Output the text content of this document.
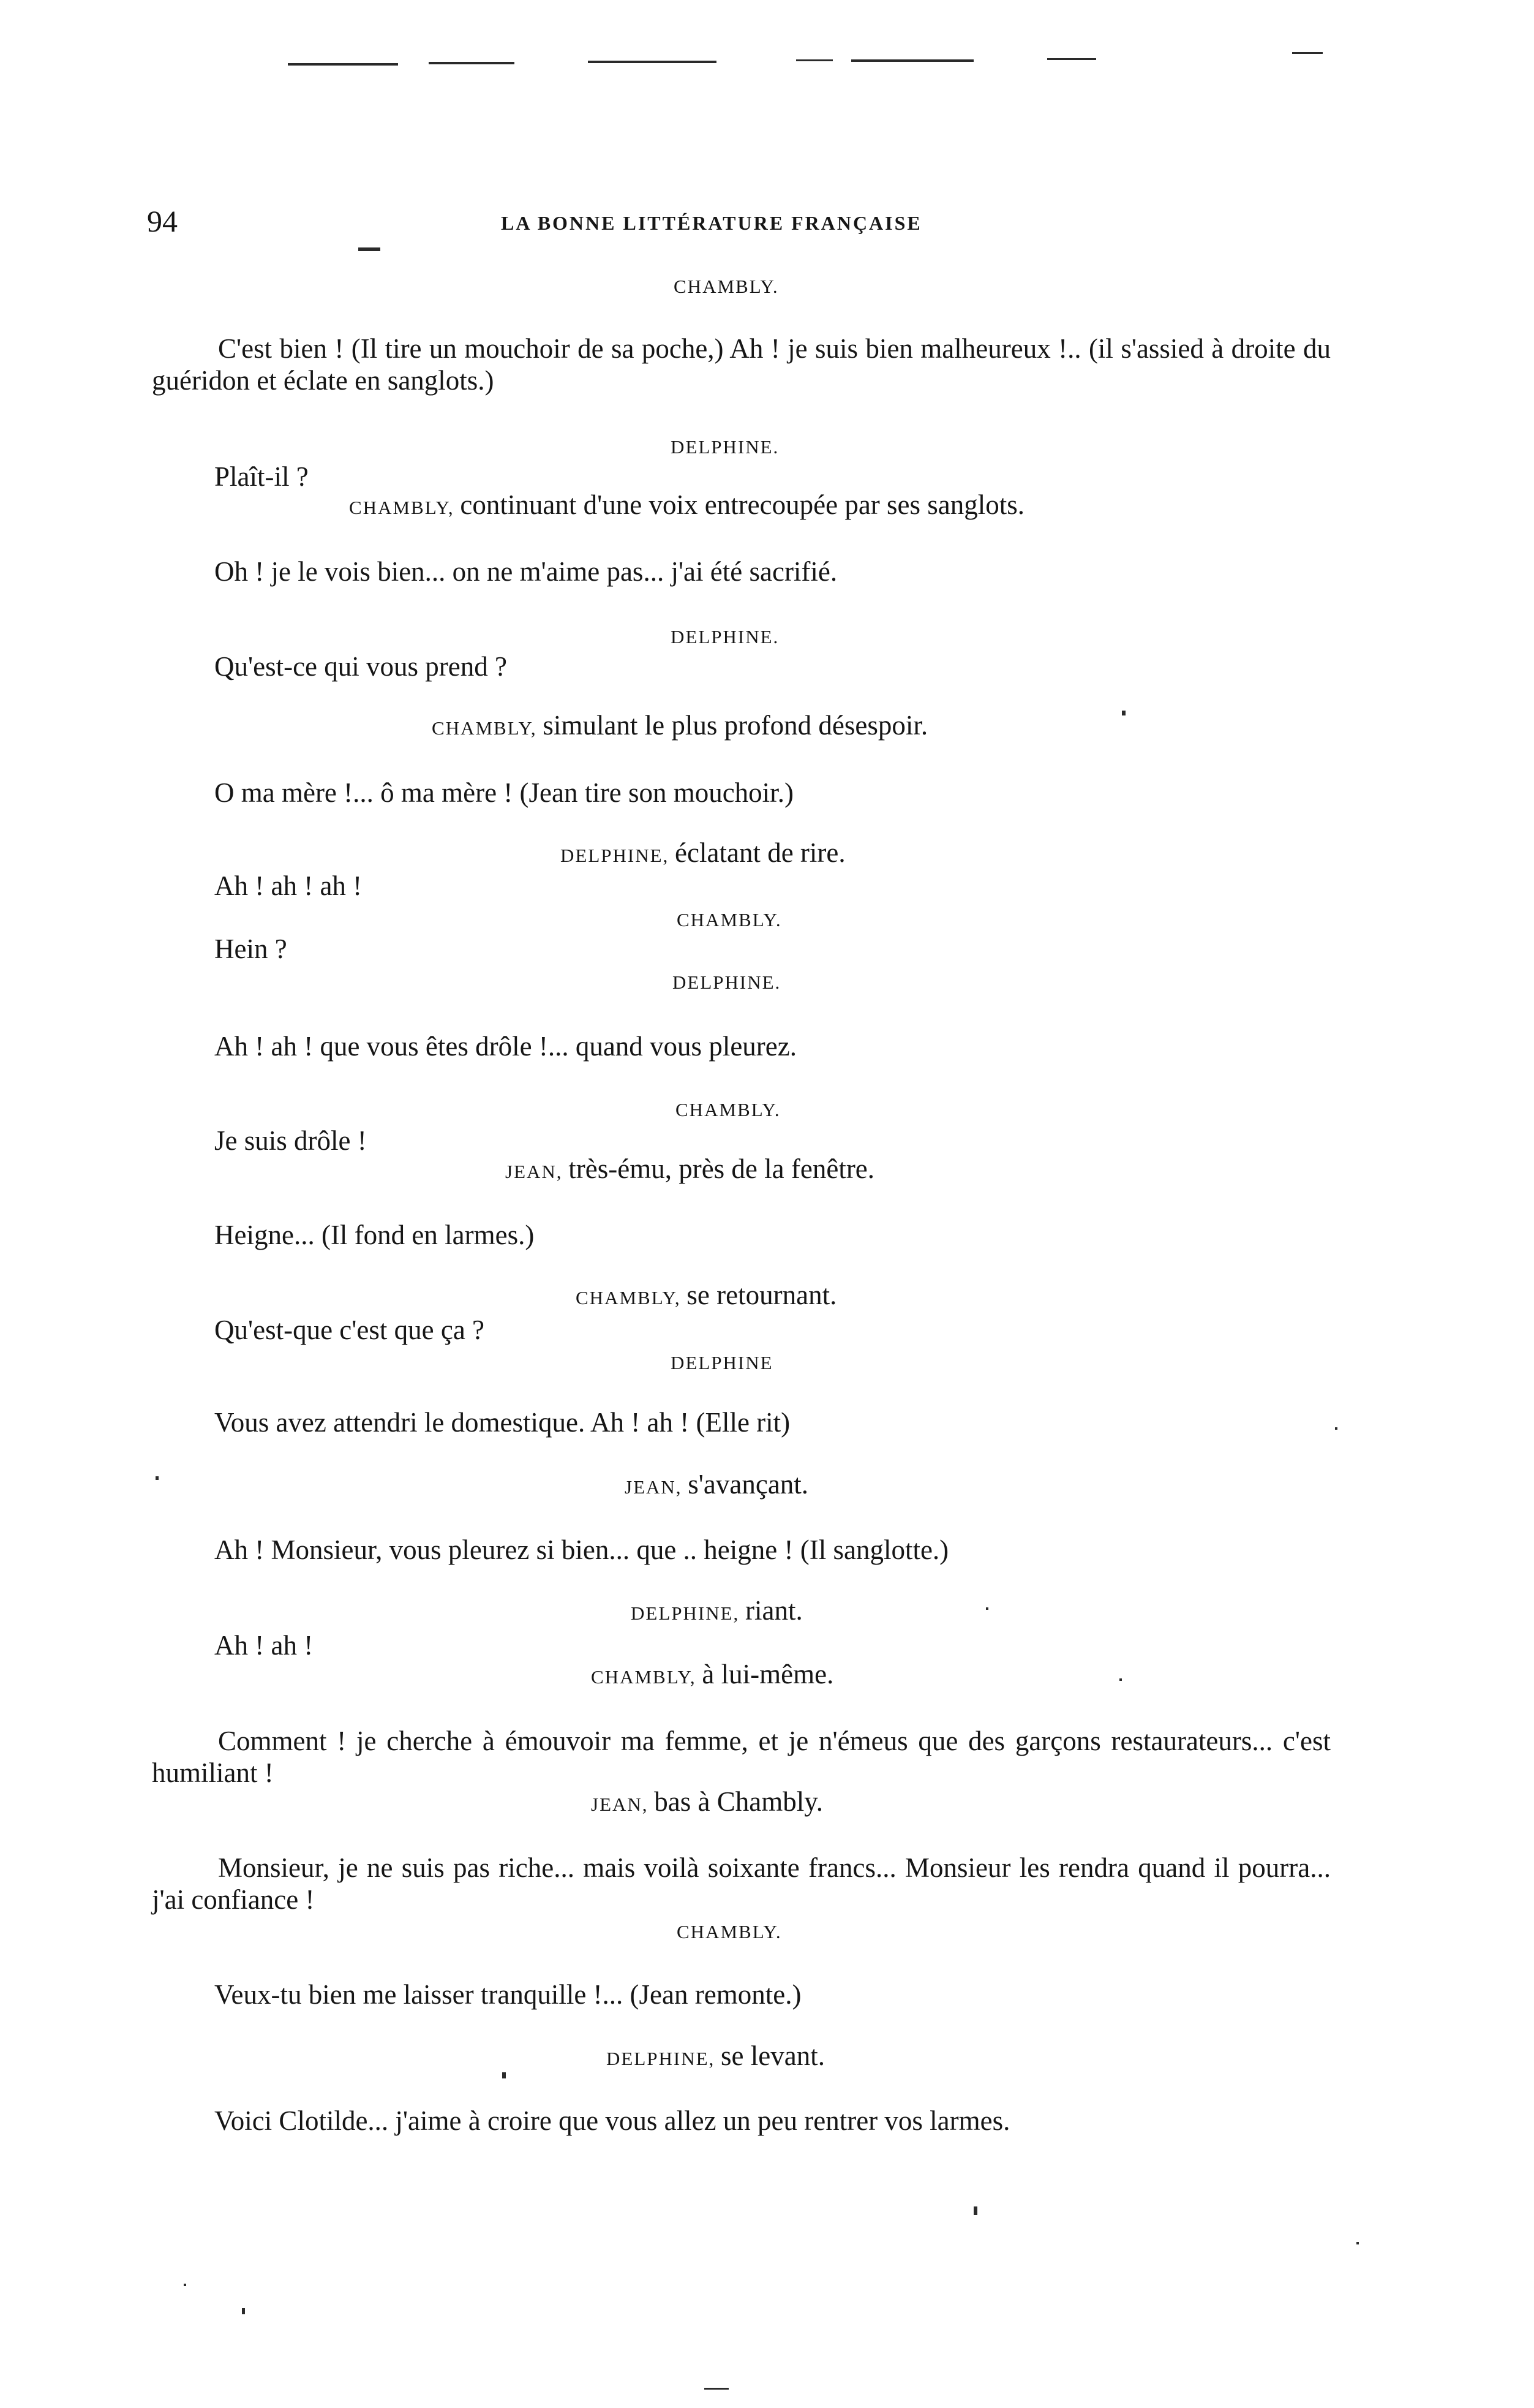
94	LA BONNE LITTÉRATURE FRANÇAISE
CHAMBLY.
C'est bien ! (Il tire un mouchoir de sa poche,) Ah ! je suis bien malheureux !.. (il s'assied à droite du guéridon et éclate en sanglots.)
DELPHINE.
Plaît-il ?
CHAMBLY, continuant d'une voix entrecoupée par ses sanglots.
Oh ! je le vois bien... on ne m'aime pas... j'ai été sacrifié.
DELPHINE.
Qu'est-ce qui vous prend ?
CHAMBLY, simulant le plus profond désespoir.
O ma mère !... ô ma mère ! (Jean tire son mouchoir.)
DELPHINE, éclatant de rire.
Ah ! ah ! ah !
CHAMBLY.
Hein ?
DELPHINE.
Ah ! ah ! que vous êtes drôle !... quand vous pleurez.
CHAMBLY.
Je suis drôle !
JEAN, très-ému, près de la fenêtre.
Heigne... (Il fond en larmes.)
CHAMBLY, se retournant.
Qu'est-que c'est que ça ?
DELPHINE
Vous avez attendri le domestique. Ah ! ah ! (Elle rit)
JEAN, s'avançant.
Ah ! Monsieur, vous pleurez si bien... que .. heigne ! (Il sanglotte.)
DELPHINE, riant.
Ah ! ah !
CHAMBLY, à lui-même.
Comment ! je cherche à émouvoir ma femme, et je n'émeus que des garçons restaurateurs... c'est humiliant !
JEAN, bas à Chambly.
Monsieur, je ne suis pas riche... mais voilà soixante francs... Monsieur les rendra quand il pourra... j'ai confiance !
CHAMBLY.
Veux-tu bien me laisser tranquille !... (Jean remonte.)
DELPHINE, se levant.
Voici Clotilde... j'aime à croire que vous allez un peu rentrer vos larmes.
